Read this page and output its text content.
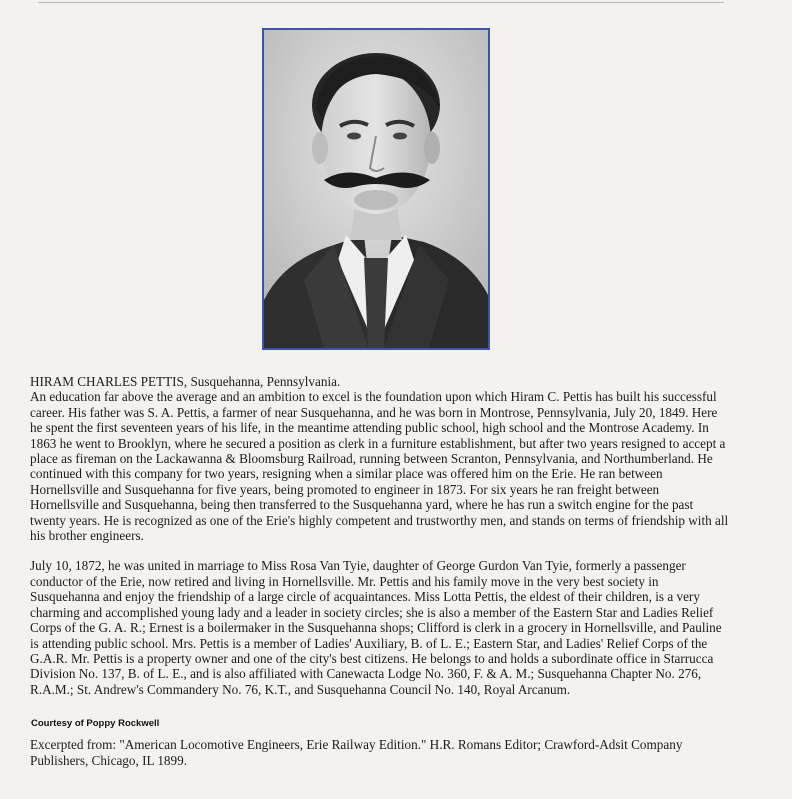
HIRAM CHARLES PETTIS, Susquehanna, Pennsylvania.

An education far above the average and an ambition to excel is the foundation upon which Hiram C. Pettis has built his successful career. His father was S. A. Pettis, a farmer of near Susquehanna, and he was born in Montrose, Pennsylvania, July 20, 1849. Here he spent the first seventeen years of his life, in the meantime attending public school, high school and the Montrose Academy. In 1863 he went to Brooklyn, where he secured a position as clerk in a furniture establishment, but after two years resigned to accept a place as fireman on the Lackawanna & Bloomsburg Railroad, running between Scranton, Pennsylvania, and Northumberland. He continued with this company for two years, resigning when a similar place was offered him on the Erie. He ran between Hornellsville and Susquehanna for five years, being promoted to engineer in 1873. For six years he ran freight between Hornellsville and Susquehanna, being then transferred to the Susquehanna yard, where he has run a switch engine for the past twenty years. He is recognized as one of the Erie's highly competent and trustworthy men, and stands on terms of friendship with all his brother engineers.

July 10, 1872, he was united in marriage to Miss Rosa Van Tyie, daughter of George Gurdon Van Tyie, formerly a passenger conductor of the Erie, now retired and living in Hornellsville. Mr. Pettis and his family move in the very best society in Susquehanna and enjoy the friendship of a large circle of acquaintances. Miss Lotta Pettis, the eldest of their children, is a very charming and accomplished young lady and a leader in society circles; she is also a member of the Eastern Star and Ladies Relief Corps of the G. A. R.; Ernest is a boilermaker in the Susquehanna shops; Clifford is clerk in a grocery in Hornellsville, and Pauline is attending public school. Mrs. Pettis is a member of Ladies' Auxiliary, B. of L. E.; Eastern Star, and Ladies' Relief Corps of the G.A.R. Mr. Pettis is a property owner and one of the city's best citizens. He belongs to and holds a subordinate office in Starrucca Division No. 137, B. of L. E., and is also affiliated with Canewacta Lodge No. 360, F. & A. M.; Susquehanna Chapter No. 276, R.A.M.; St. Andrew's Commandery No. 76, K.T., and Susquehanna Council No. 140, Royal Arcanum.

Courtesy of Poppy Rockwell
Excerpted from: "American Locomotive Engineers, Erie Railway Edition." H.R. Romans Editor; Crawford-Adsit Company Publishers, Chicago, IL 1899.
